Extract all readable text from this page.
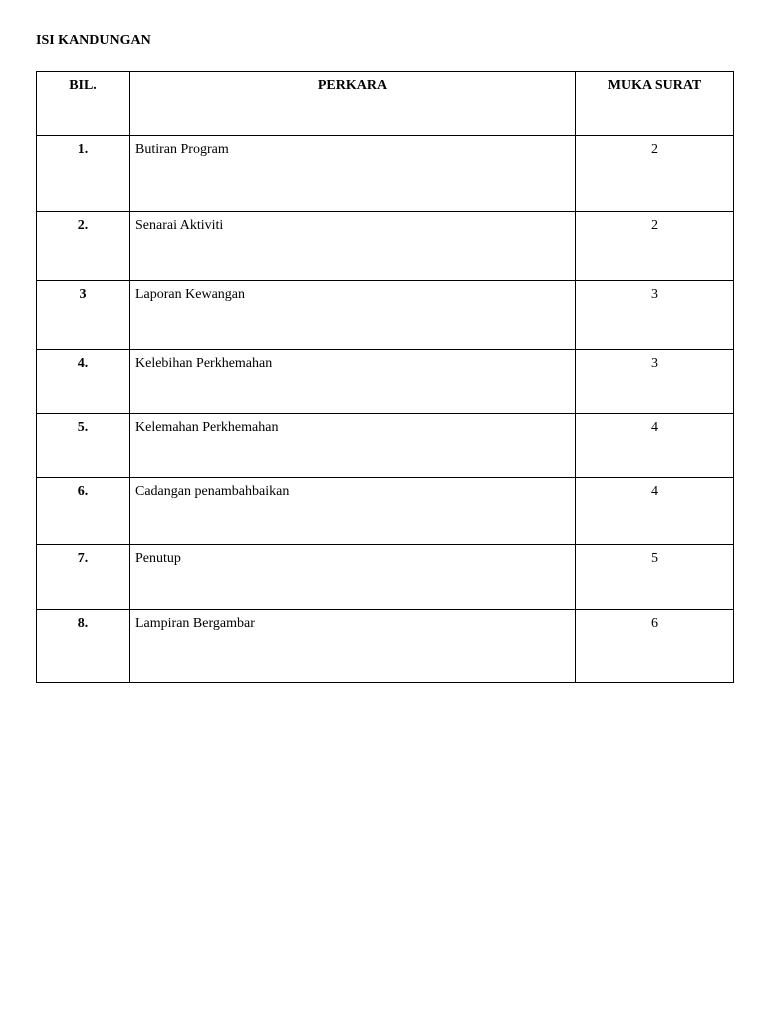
ISI KANDUNGAN
BIL.	PERKARA	MUKA SURAT
1.	Butiran Program	2
2.	Senarai Aktiviti	2
3	Laporan Kewangan	3
4.	Kelebihan Perkhemahan	3
5.	Kelemahan Perkhemahan	4
6.	Cadangan penambahbaikan	4
7.	Penutup	5
8.	Lampiran Bergambar	6
